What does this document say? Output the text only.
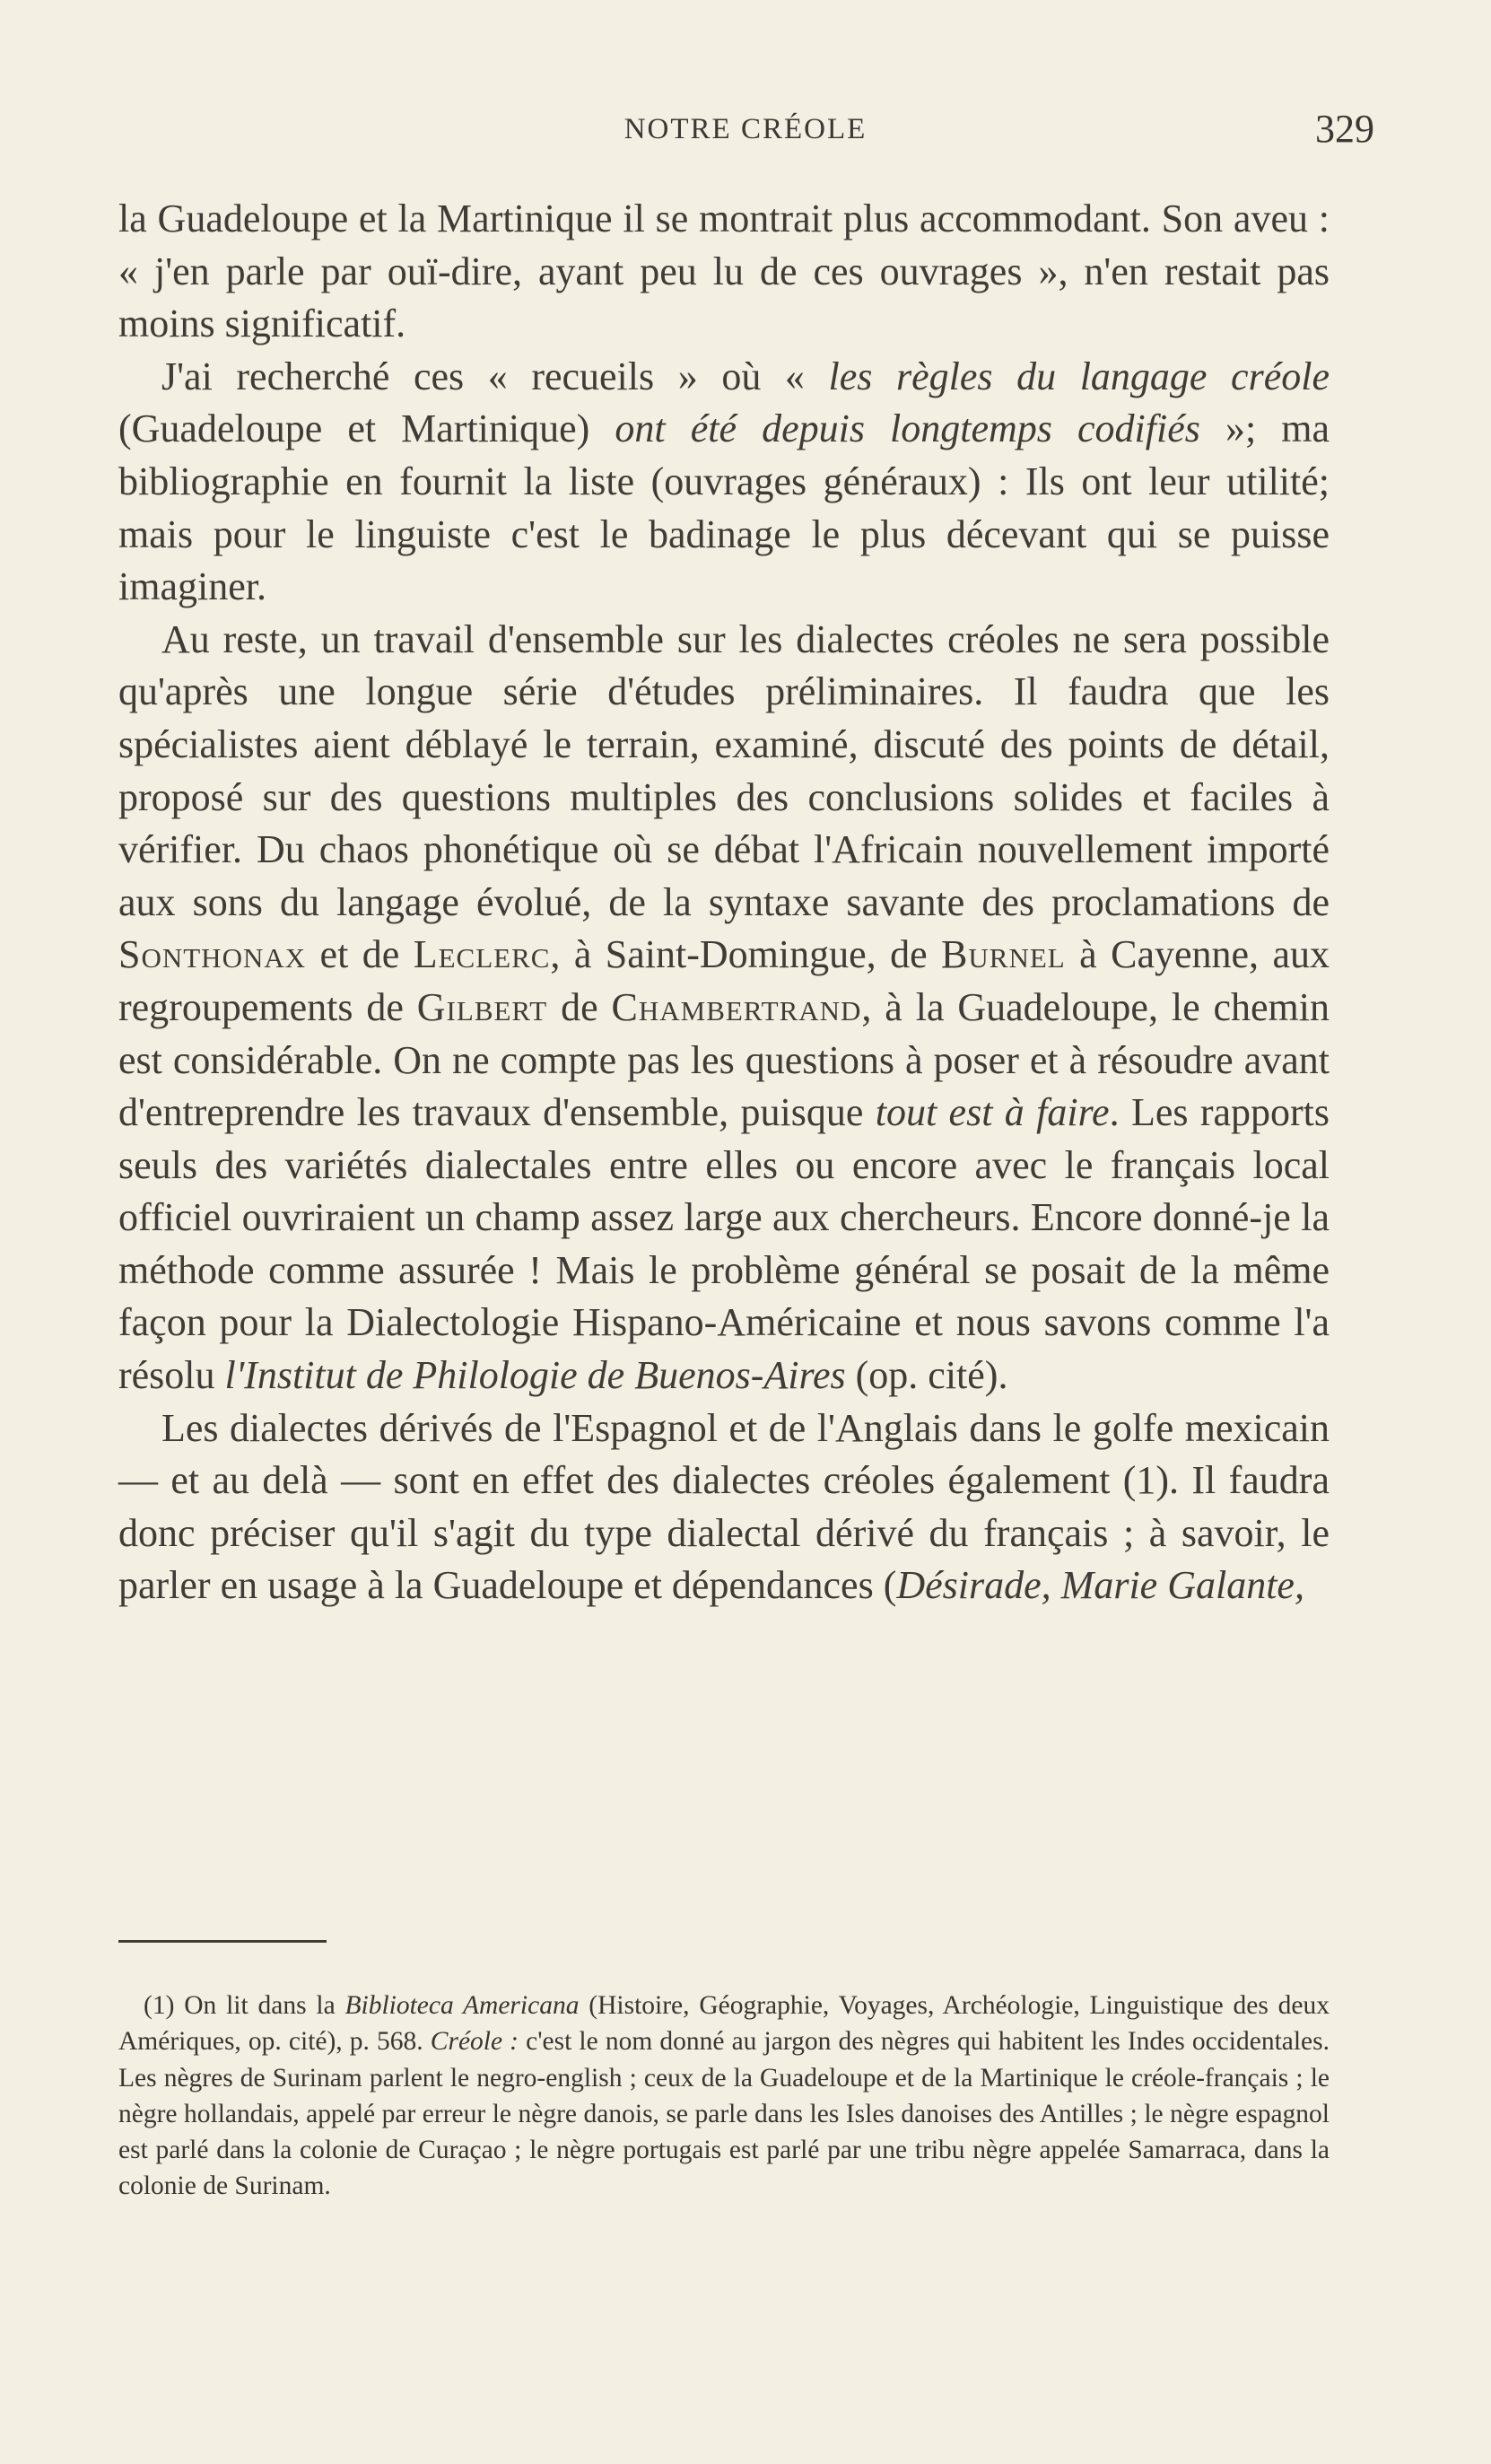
NOTRE CRÉOLE	329

la Guadeloupe et la Martinique il se montrait plus accommodant. Son aveu : « j'en parle par ouï-dire, ayant peu lu de ces ouvrages », n'en restait pas moins significatif.

J'ai recherché ces « recueils » où « les règles du langage créole (Guadeloupe et Martinique) ont été depuis longtemps codifiés »; ma bibliographie en fournit la liste (ouvrages généraux) : Ils ont leur utilité; mais pour le linguiste c'est le badinage le plus décevant qui se puisse imaginer.

Au reste, un travail d'ensemble sur les dialectes créoles ne sera possible qu'après une longue série d'études préliminaires. Il faudra que les spécialistes aient déblayé le terrain, examiné, discuté des points de détail, proposé sur des questions multiples des conclusions solides et faciles à vérifier. Du chaos phonétique où se débat l'Africain nouvellement importé aux sons du langage évolué, de la syntaxe savante des proclamations de Sonthonax et de Leclerc, à Saint-Domingue, de Burnel à Cayenne, aux regroupements de Gilbert de Chambertrand, à la Guadeloupe, le chemin est considérable. On ne compte pas les questions à poser et à résoudre avant d'entreprendre les travaux d'ensemble, puisque tout est à faire. Les rapports seuls des variétés dialectales entre elles ou encore avec le français local officiel ouvriraient un champ assez large aux chercheurs. Encore donné-je la méthode comme assurée ! Mais le problème général se posait de la même façon pour la Dialectologie Hispano-Américaine et nous savons comme l'a résolu l'Institut de Philologie de Buenos-Aires (op. cité).

Les dialectes dérivés de l'Espagnol et de l'Anglais dans le golfe mexicain — et au delà — sont en effet des dialectes créoles également (1). Il faudra donc préciser qu'il s'agit du type dialectal dérivé du français ; à savoir, le parler en usage à la Guadeloupe et dépendances (Désirade, Marie Galante,

(1) On lit dans la Biblioteca Americana (Histoire, Géographie, Voyages, Archéologie, Linguistique des deux Amériques, op. cité), p. 568. Créole : c'est le nom donné au jargon des nègres qui habitent les Indes occidentales. Les nègres de Surinam parlent le negro-english ; ceux de la Guadeloupe et de la Martinique le créole-français ; le nègre hollandais, appelé par erreur le nègre danois, se parle dans les Isles danoises des Antilles ; le nègre espagnol est parlé dans la colonie de Curaçao ; le nègre portugais est parlé par une tribu nègre appelée Samarraca, dans la colonie de Surinam.
